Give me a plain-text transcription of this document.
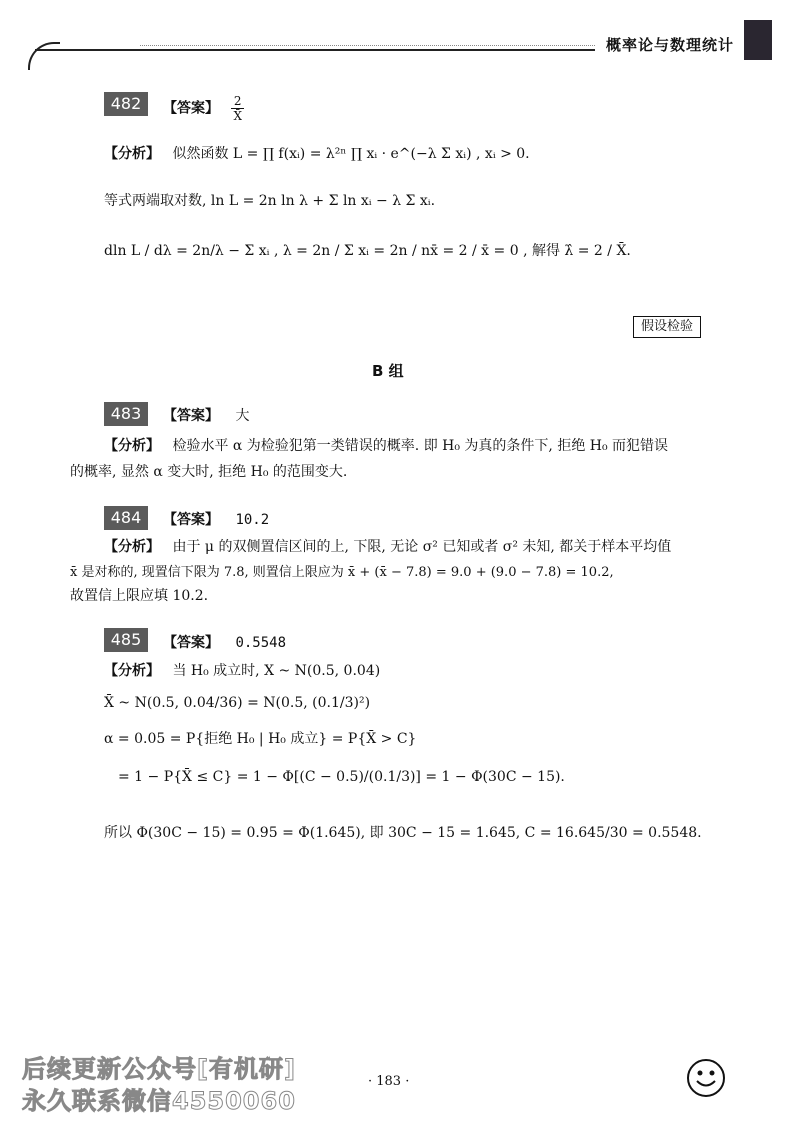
概率论与数理统计
482	【答案】 $\frac{2}{X̄}$
【分析】 似然函数 L = ∏ f(xᵢ) = λ²ⁿ ∏ xᵢ · e^(−λ Σ xᵢ) , xᵢ > 0.
等式两端取对数, ln L = 2n ln λ + Σ ln xᵢ − λ Σ xᵢ.
dln L / dλ = 2n/λ − Σ xᵢ , λ = 2n / Σ xᵢ = 2n / nx̄ = 2 / x̄ = 0 , 解得 λ̂ = 2 / X̄.
假设检验
B 组
483	【答案】 大
【分析】 检验水平 α 为检验犯第一类错误的概率. 即 H₀ 为真的条件下, 拒绝 H₀ 而犯错误
的概率, 显然 α 变大时, 拒绝 H₀ 的范围变大.
484	【答案】 10.2
【分析】 由于 μ 的双侧置信区间的上, 下限, 无论 σ² 已知或者 σ² 未知, 都关于样本平均值
x̄ 是对称的, 现置信下限为 7.8, 则置信上限应为 x̄ + (x̄ − 7.8) = 9.0 + (9.0 − 7.8) = 10.2,
故置信上限应填 10.2.
485	【答案】 0.5548
【分析】 当 H₀ 成立时, X ~ N(0.5, 0.04)
X̄ ~ N(0.5, 0.04/36) = N(0.5, (0.1/3)²)
α = 0.05 = P{拒绝 H₀ | H₀ 成立} = P{X̄ > C}
= 1 − P{X̄ ≤ C} = 1 − Φ[(C − 0.5)/(0.1/3)] = 1 − Φ(30C − 15).
所以 Φ(30C − 15) = 0.95 = Φ(1.645), 即 30C − 15 = 1.645, C = 16.645/30 = 0.5548.
· 183 ·
后续更新公众号[有机研]
永久联系微信4550060
